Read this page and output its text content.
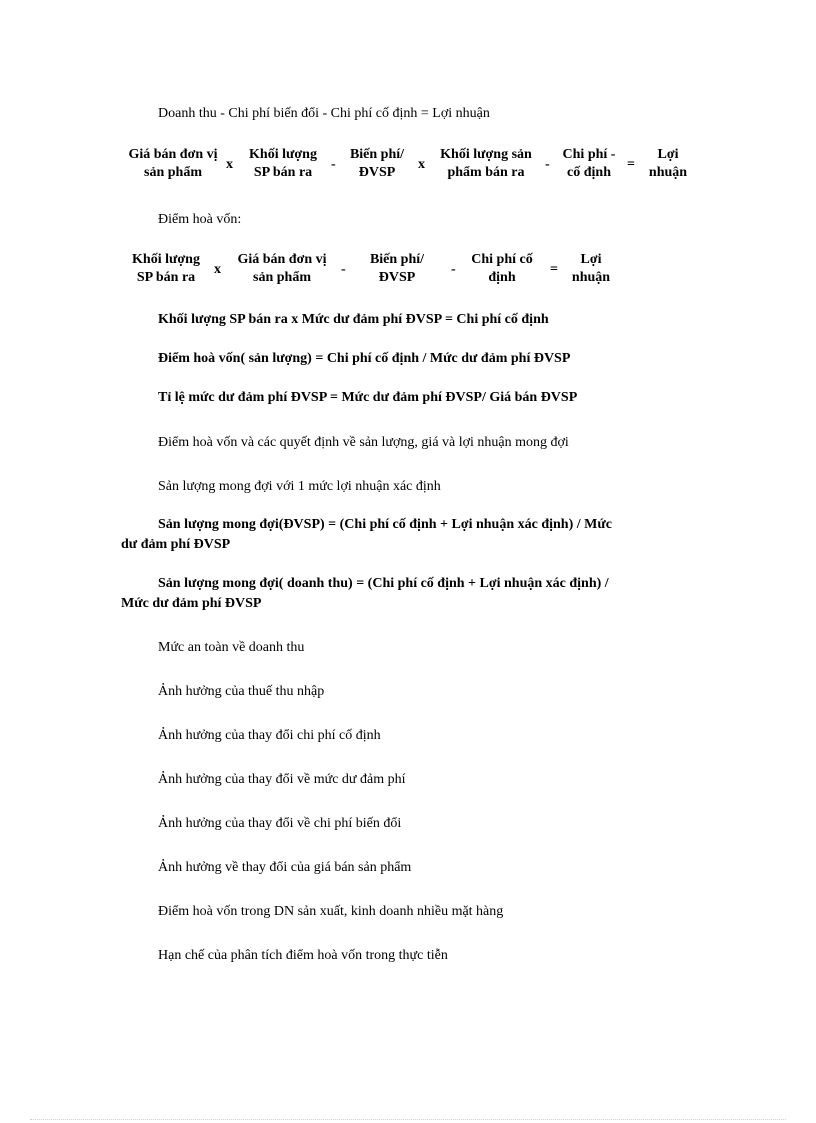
Doanh thu - Chi phí biến đổi - Chi phí cố định = Lợi nhuận
Giá bán đơn vị
sản phẩm
x
Khối lượng
SP bán ra
-
Biến phí/
ĐVSP
x
Khối lượng sản
phẩm bán ra
-
Chi phí -
cố định
=
Lợi
nhuận
Điểm hoà vốn:
Khối lượng
SP bán ra
x
Giá bán đơn vị
sản phẩm
-
Biến phí/
ĐVSP
-
Chi phí cố
định
=
Lợi
nhuận
Khối lượng SP bán ra x Mức dư đảm phí ĐVSP = Chi phí cố định
Điểm hoà vốn( sản lượng) = Chi phí cố định / Mức dư đảm phí ĐVSP
Tỉ lệ mức dư đảm phí ĐVSP = Mức dư đảm phí ĐVSP/ Giá bán ĐVSP
Điểm hoà vốn và các quyết định về sản lượng, giá và lợi nhuận mong đợi
Sản lượng mong đợi với 1 mức lợi nhuận xác định
Sản lượng mong đợi(ĐVSP) = (Chi phí cố định + Lợi nhuận xác định) / Mức
dư đảm phí ĐVSP
Sản lượng mong đợi( doanh thu) = (Chi phí cố định + Lợi nhuận xác định) /
Mức dư đảm phí ĐVSP
Mức an toàn về doanh thu
Ảnh hưởng của thuế thu nhập
Ảnh hưởng của thay đổi chi phí cố định
Ảnh hưởng của thay đổi về mức dư đảm phí
Ảnh hưởng của thay đổi về chi phí biến đổi
Ảnh hưởng về thay đổi của giá bán sản phẩm
Điểm hoà vốn trong DN sản xuất, kinh doanh nhiều mặt hàng
Hạn chế của phân tích điểm hoà vốn trong thực tiễn
